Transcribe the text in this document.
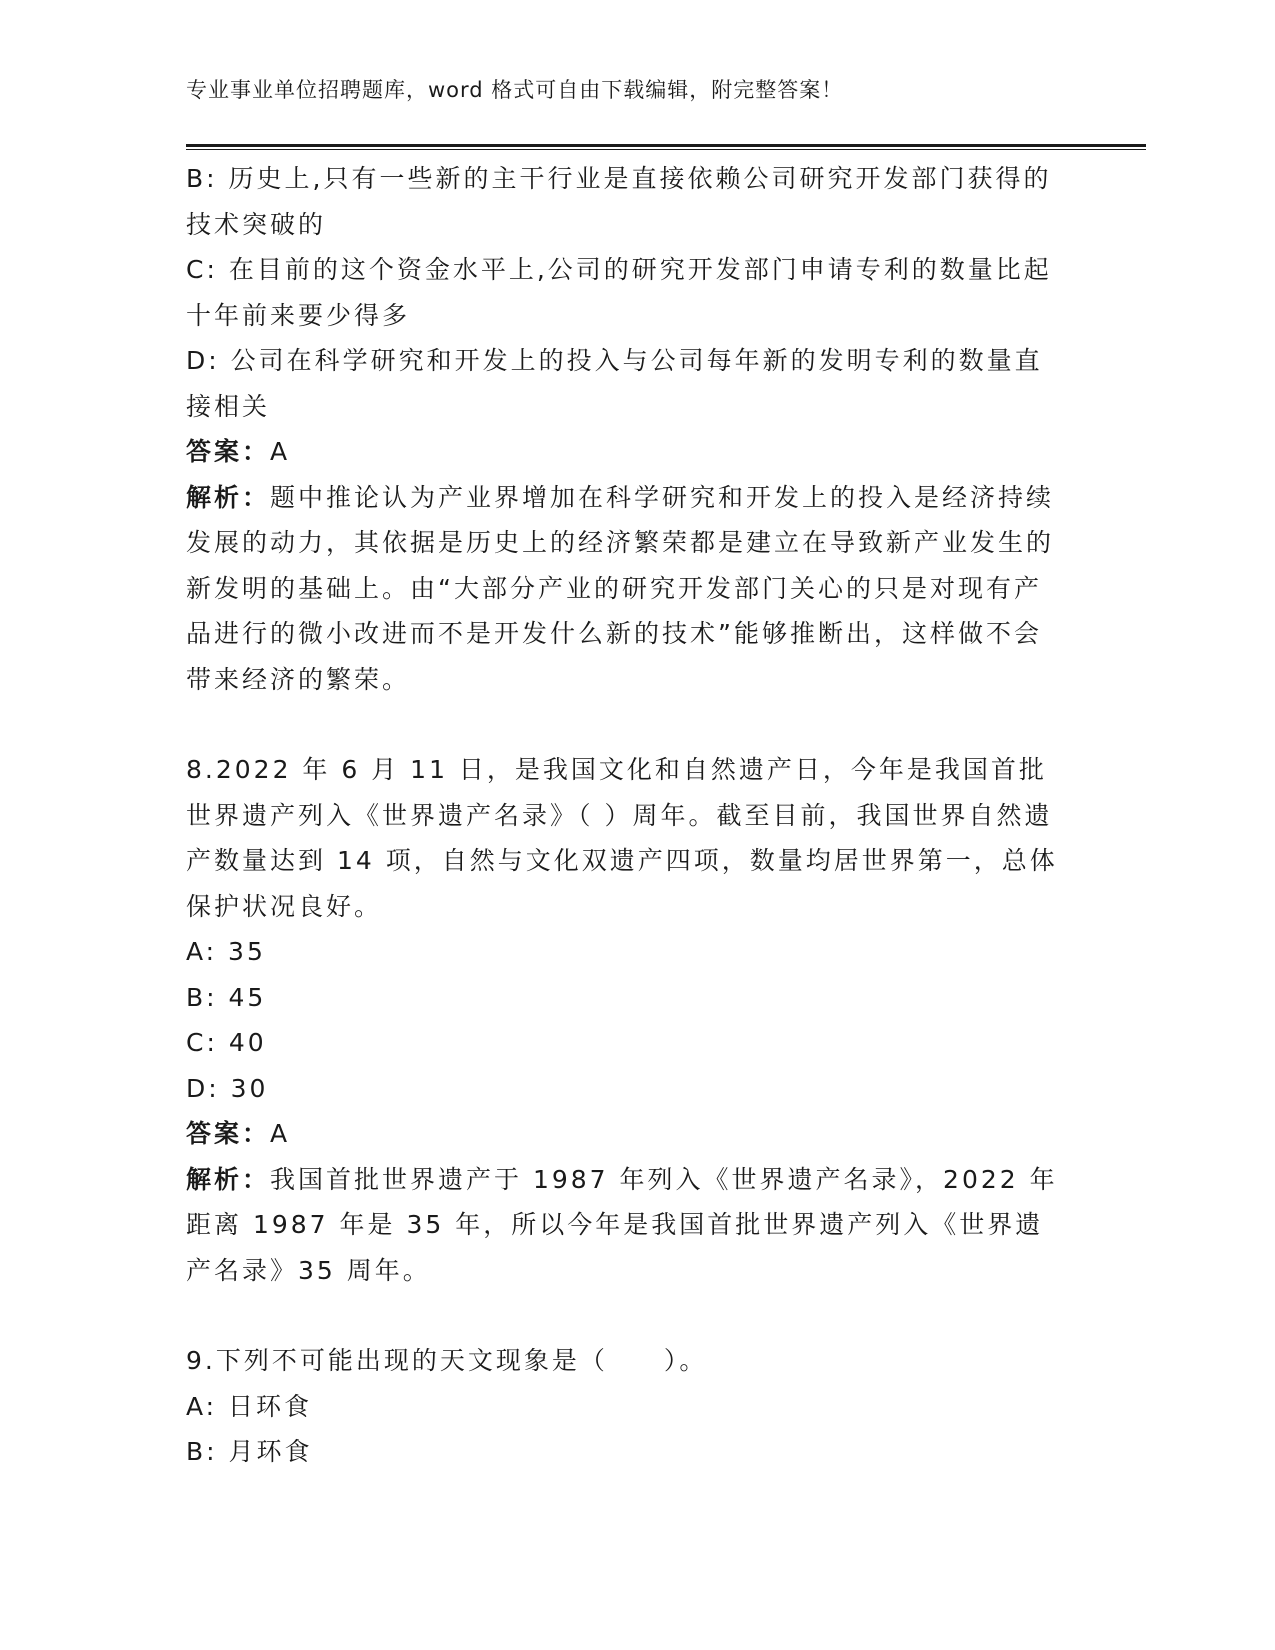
专业事业单位招聘题库，word 格式可自由下载编辑，附完整答案！

B: 历史上,只有一些新的主干行业是直接依赖公司研究开发部门获得的技术突破的

C: 在目前的这个资金水平上,公司的研究开发部门申请专利的数量比起十年前来要少得多

D: 公司在科学研究和开发上的投入与公司每年新的发明专利的数量直接相关

答案：A

解析：题中推论认为产业界增加在科学研究和开发上的投入是经济持续发展的动力，其依据是历史上的经济繁荣都是建立在导致新产业发生的新发明的基础上。由“大部分产业的研究开发部门关心的只是对现有产品进行的微小改进而不是开发什么新的技术”能够推断出，这样做不会带来经济的繁荣。

8.2022 年 6 月 11 日，是我国文化和自然遗产日，今年是我国首批世界遗产列入《世界遗产名录》（ ）周年。截至目前，我国世界自然遗产数量达到 14 项，自然与文化双遗产四项，数量均居世界第一，总体保护状况良好。

A: 35

B: 45

C: 40

D: 30

答案：A

解析：我国首批世界遗产于 1987 年列入《世界遗产名录》，2022 年距离 1987 年是 35 年，所以今年是我国首批世界遗产列入《世界遗产名录》35 周年。

9.下列不可能出现的天文现象是（　　）。

A: 日环食

B: 月环食
